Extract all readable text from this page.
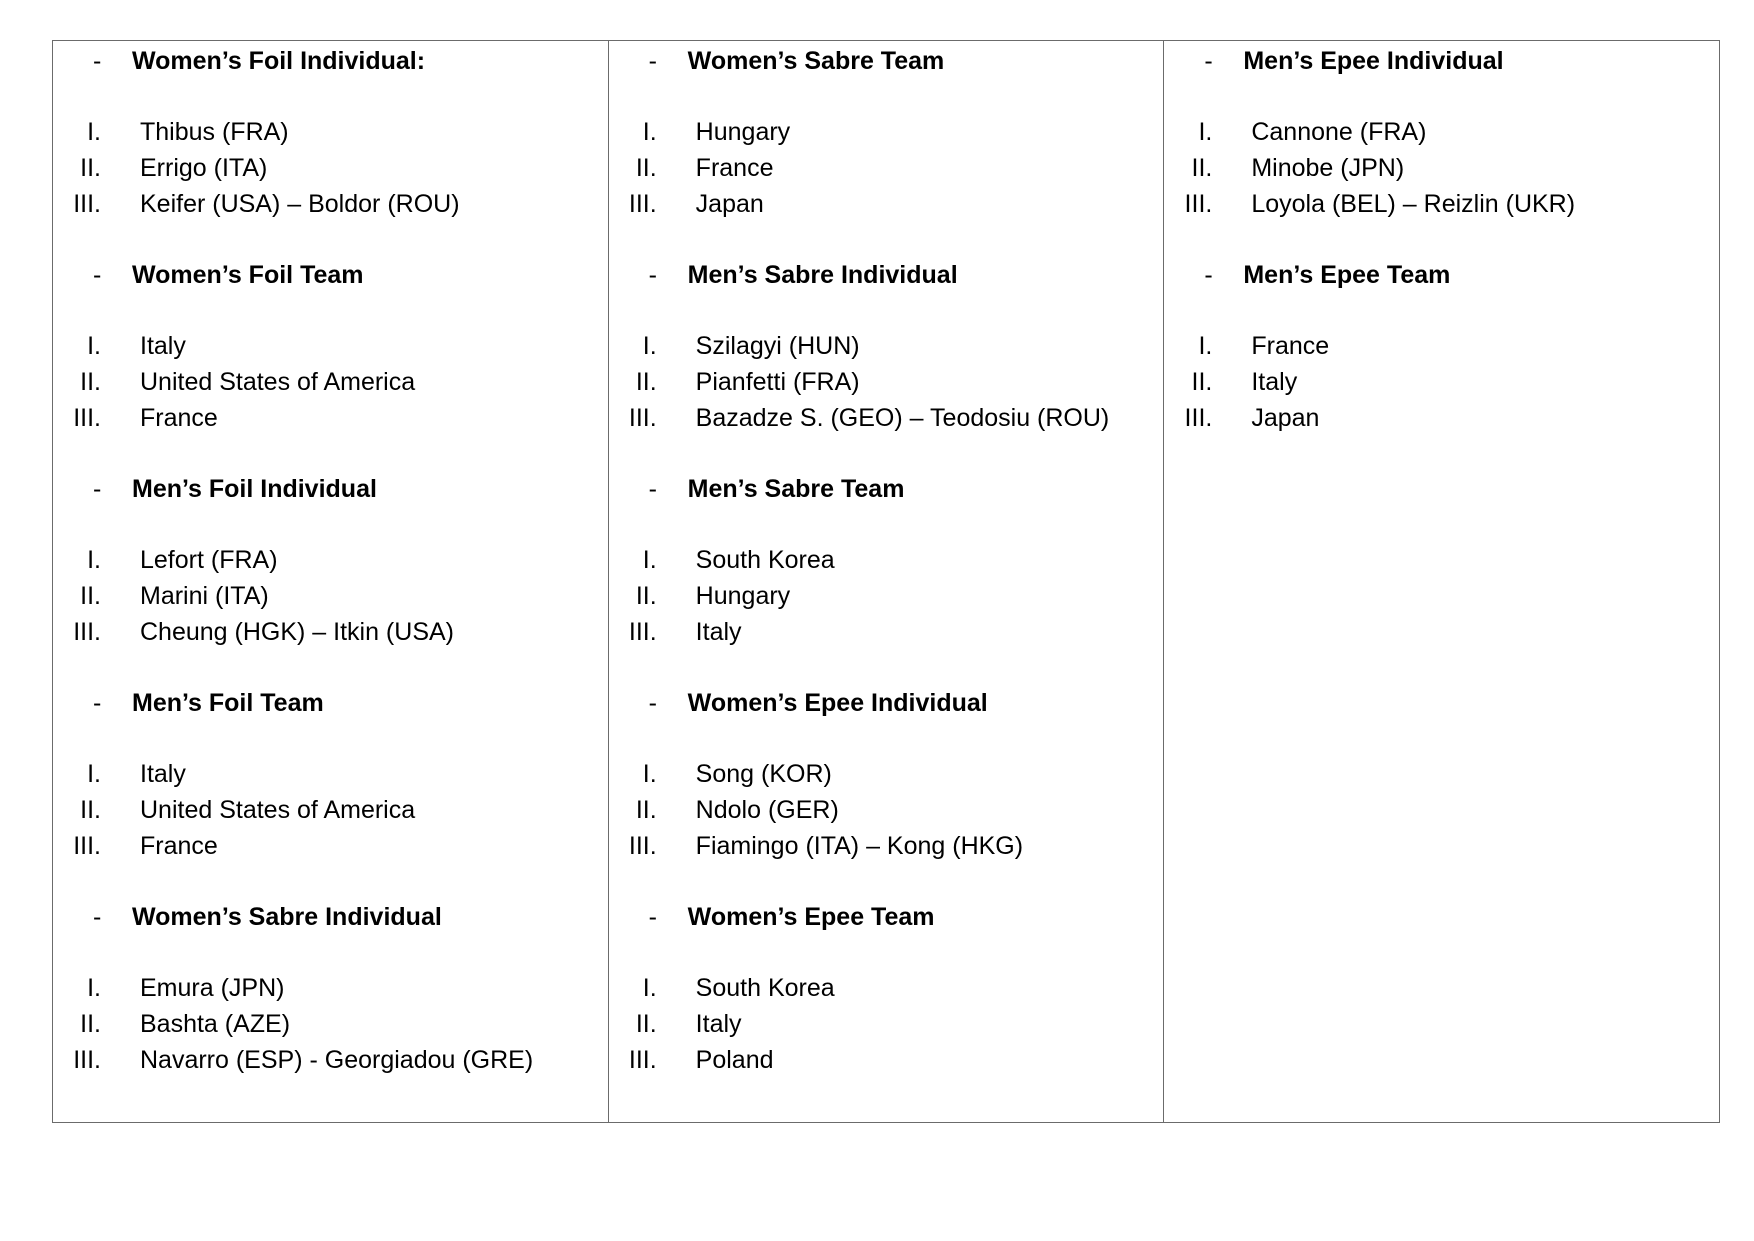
- Women’s Foil Individual:
I. Thibus (FRA)
II. Errigo (ITA)
III. Keifer (USA) – Boldor (ROU)
- Women’s Foil Team
I. Italy
II. United States of America
III. France
- Men’s Foil Individual
I. Lefort (FRA)
II. Marini (ITA)
III. Cheung (HGK) – Itkin (USA)
- Men’s Foil Team
I. Italy
II. United States of America
III. France
- Women’s Sabre Individual
I. Emura (JPN)
II. Bashta (AZE)
III. Navarro (ESP) - Georgiadou (GRE)
- Women’s Sabre Team
I. Hungary
II. France
III. Japan
- Men’s Sabre Individual
I. Szilagyi (HUN)
II. Pianfetti (FRA)
III. Bazadze S. (GEO) – Teodosiu (ROU)
- Men’s Sabre Team
I. South Korea
II. Hungary
III. Italy
- Women’s Epee Individual
I. Song (KOR)
II. Ndolo (GER)
III. Fiamingo (ITA) – Kong (HKG)
- Women’s Epee Team
I. South Korea
II. Italy
III. Poland
- Men’s Epee Individual
I. Cannone (FRA)
II. Minobe (JPN)
III. Loyola (BEL) – Reizlin (UKR)
- Men’s Epee Team
I. France
II. Italy
III. Japan
